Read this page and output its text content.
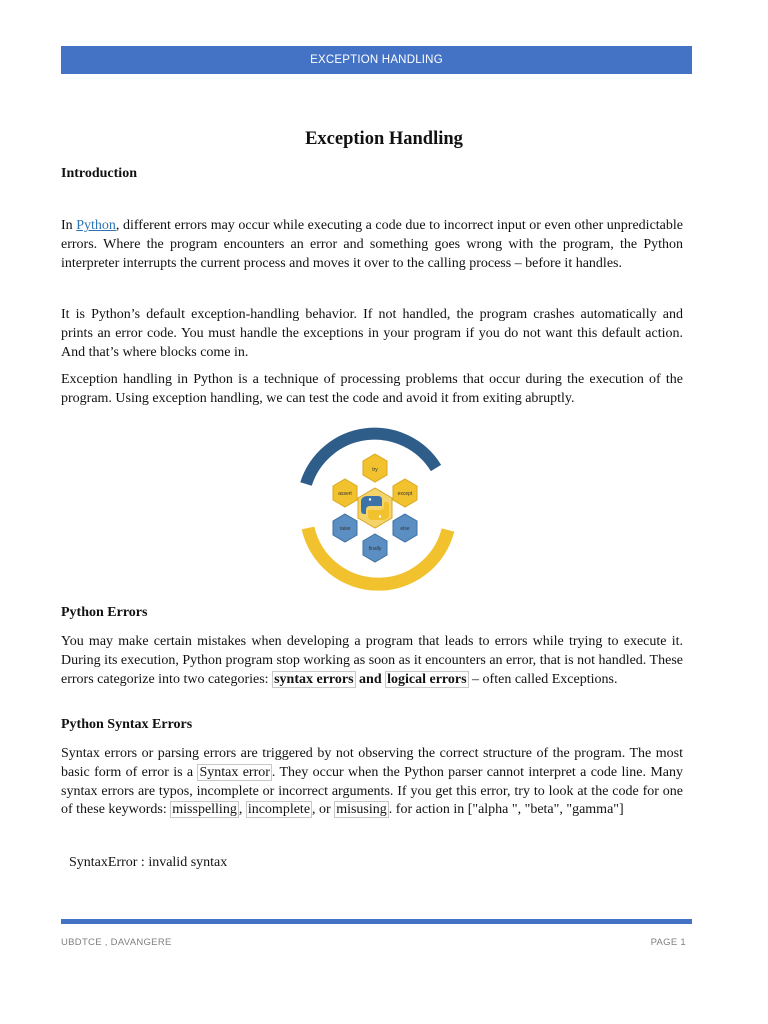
EXCEPTION HANDLING
Exception Handling
Introduction

In Python, different errors may occur while executing a code due to incorrect input or even other unpredictable errors. Where the program encounters an error and something goes wrong with the program, the Python interpreter interrupts the current process and moves it over to the calling process – before it handles.

It is Python’s default exception-handling behavior. If not handled, the program crashes automatically and prints an error code. You must handle the exceptions in your program if you do not want this default action. And that’s where blocks come in.

Exception handling in Python is a technique of processing problems that occur during the execution of the program. Using exception handling, we can test the code and avoid it from exiting abruptly.

try
assert	except
raise	else
finally
Python Errors

You may make certain mistakes when developing a program that leads to errors while trying to execute it. During its execution, Python program stop working as soon as it encounters an error, that is not handled. These errors categorize into two categories: syntax errors and logical errors – often called Exceptions.

Python Syntax Errors

Syntax errors or parsing errors are triggered by not observing the correct structure of the program. The most basic form of error is a Syntax error . They occur when the Python parser cannot interpret a code line. Many syntax errors are typos, incomplete or incorrect arguments. If you get this error, try to look at the code for one of these keywords: misspelling , incomplete , or misusing . for action in ["alpha ", "beta", "gamma"]

SyntaxError : invalid syntax
UBDTCE , DAVANGERE	PAGE 1
